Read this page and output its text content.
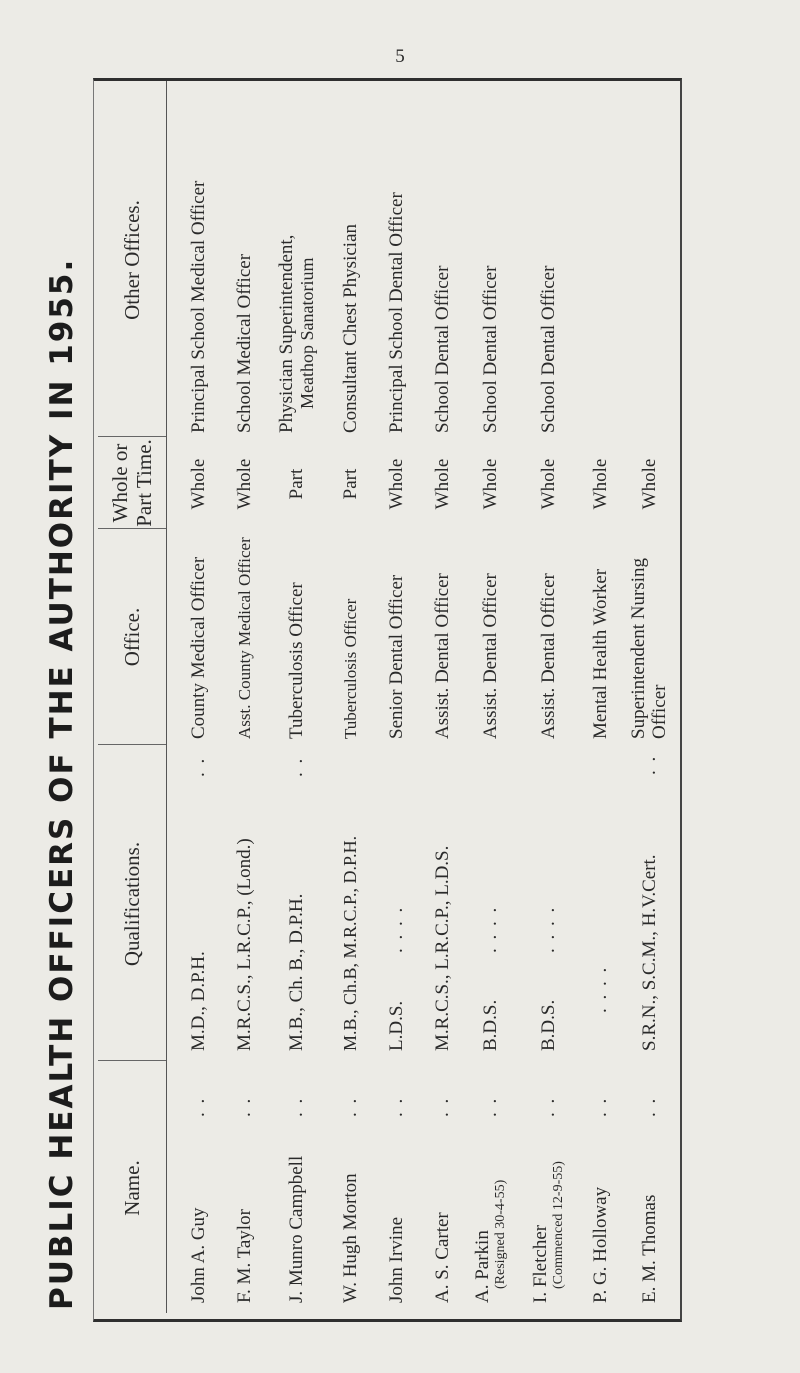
5
PUBLIC HEALTH OFFICERS OF THE AUTHORITY IN 1955. Name.
Qualifications.
Office.
Whole or Part Time.
Other Offices.
John A. Guy
. .
M.D., D.P.H.
. .
County Medical Officer
Whole
Principal School Medical Officer
F. M. Taylor
. .
M.R.C.S., L.R.C.P., (Lond.)
Asst. County Medical Officer
Whole
School Medical Officer
J. Munro Campbell
. .
M.B., Ch. B., D.P.H.
. .
Tuberculosis Officer
Part
Physician Superintendent, Meathop Sanatorium
W. Hugh Morton
. .
M.B., Ch.B, M.R.C.P., D.P.H.
Tuberculosis Officer
Part
Consultant Chest Physician
John Irvine
. .
L.D.S.
. . . .
Senior Dental Officer
Whole
Principal School Dental Officer
A. S. Carter
. .
M.R.C.S., L.R.C.P., L.D.S.
Assist. Dental Officer
Whole
School Dental Officer
A. Parkin (Resigned 30-4-55)
. .
B.D.S.
. . . .
Assist. Dental Officer
Whole
School Dental Officer
I. Fletcher (Commenced 12-9-55)
. .
B.D.S.
. . . .
Assist. Dental Officer
Whole
School Dental Officer
P. G. Holloway
. .
. . . .
Mental Health Worker
Whole
E. M. Thomas
. .
S.R.N., S.C.M., H.V.Cert.
. .
Superintendent Nursing Officer
Whole
